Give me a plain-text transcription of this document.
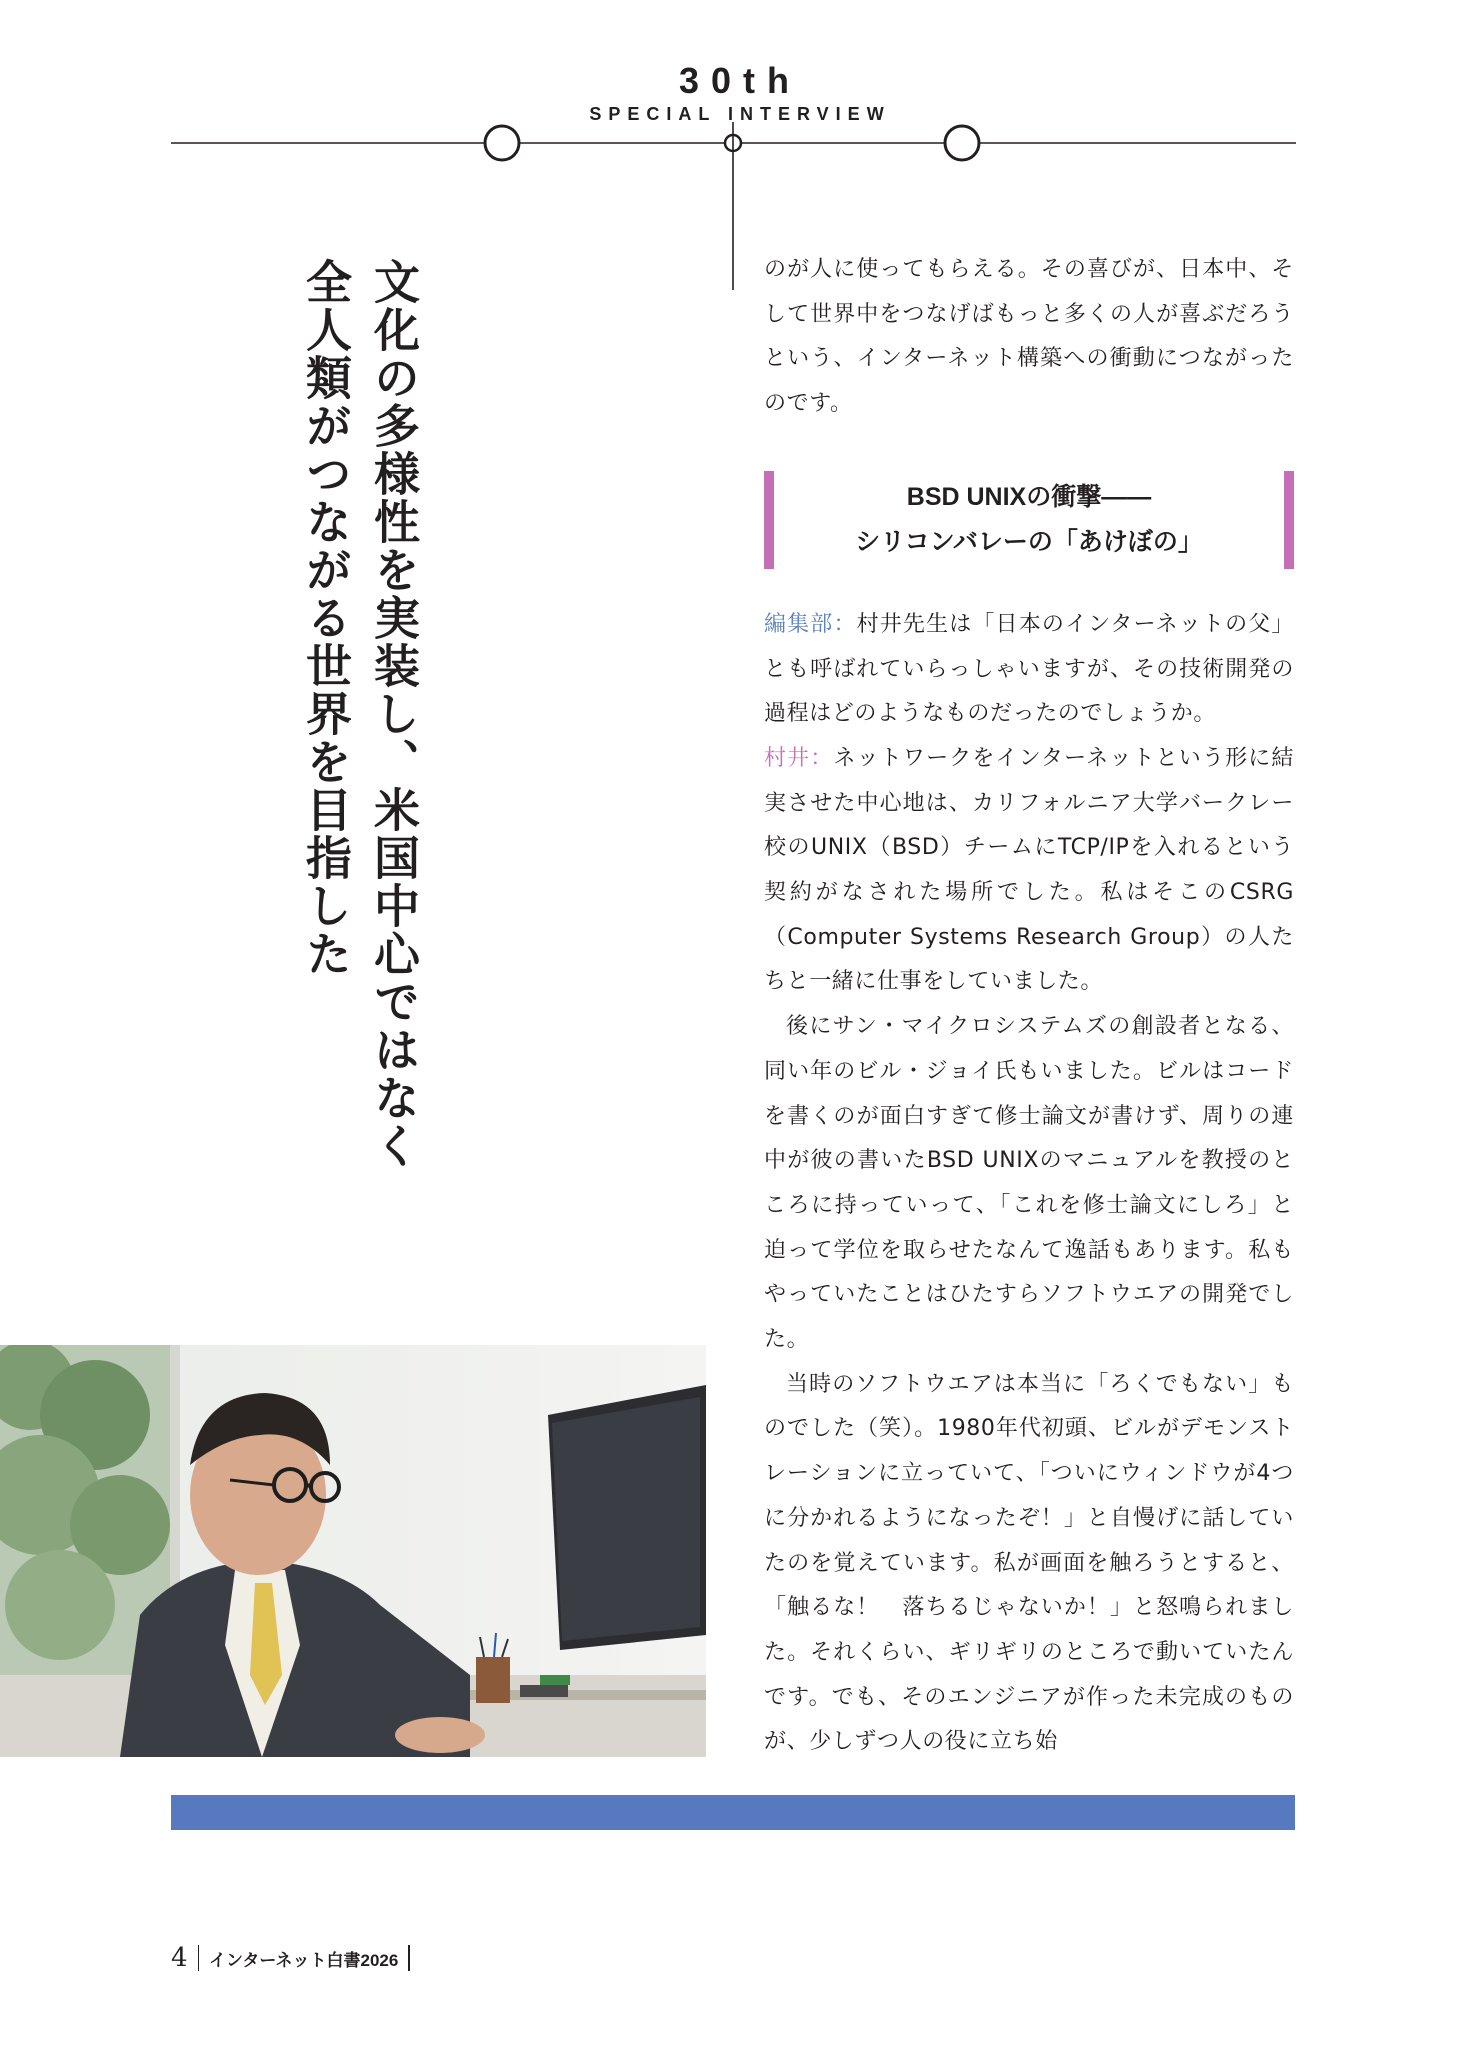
30th
SPECIAL INTERVIEW
文化の多様性を実装し、米国中心ではなく
全人類がつながる世界を目指した	のが人に使ってもらえる。その喜びが、日本中、そして世界中をつなげばもっと多くの人が喜ぶだろうという、インターネット構築への衝動につながったのです。

BSD UNIXの衝撃――
シリコンバレーの「あけぼの」

編集部：村井先生は「日本のインターネットの父」とも呼ばれていらっしゃいますが、その技術開発の過程はどのようなものだったのでしょうか。

村井：ネットワークをインターネットという形に結実させた中心地は、カリフォルニア大学バークレー校のUNIX（BSD）チームにTCP/IPを入れるという契約がなされた場所でした。私はそこのCSRG（Computer Systems Research Group）の人たちと一緒に仕事をしていました。

後にサン・マイクロシステムズの創設者となる、同い年のビル・ジョイ氏もいました。ビルはコードを書くのが面白すぎて修士論文が書けず、周りの連中が彼の書いたBSD UNIXのマニュアルを教授のところに持っていって、「これを修士論文にしろ」と迫って学位を取らせたなんて逸話もあります。私もやっていたことはひたすらソフトウエアの開発でした。

当時のソフトウエアは本当に「ろくでもない」ものでした（笑）。1980年代初頭、ビルがデモンストレーションに立っていて、「ついにウィンドウが4つに分かれるようになったぞ！」と自慢げに話していたのを覚えています。私が画面を触ろうとすると、「触るな！　落ちるじゃないか！」と怒鳴られました。それくらい、ギリギリのところで動いていたんです。でも、そのエンジニアが作った未完成のものが、少しずつ人の役に立ち始

4	インターネット白書2026
